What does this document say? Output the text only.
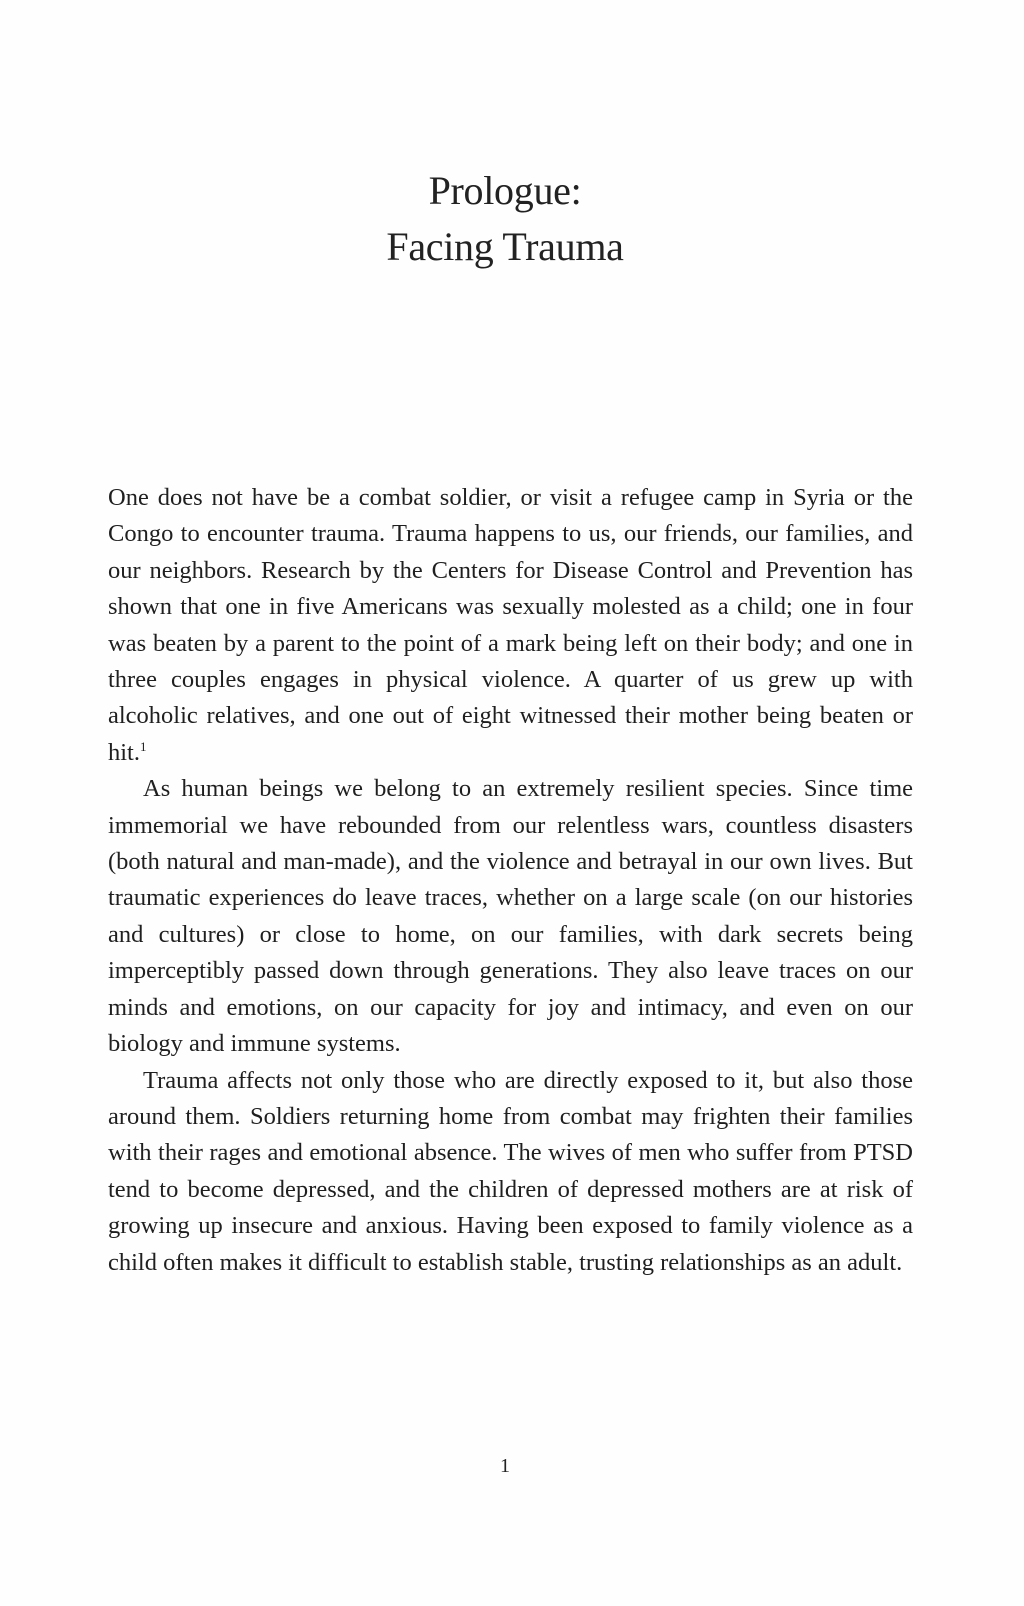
Prologue:
Facing Trauma

One does not have be a combat soldier, or visit a refugee camp in Syria or the Congo to encounter trauma. Trauma happens to us, our friends, our families, and our neighbors. Research by the Centers for Disease Control and Prevention has shown that one in five Americans was sexually molested as a child; one in four was beaten by a parent to the point of a mark being left on their body; and one in three couples engages in physical violence. A quarter of us grew up with alcoholic relatives, and one out of eight witnessed their mother being beaten or hit.$^1$

As human beings we belong to an extremely resilient species. Since time immemorial we have rebounded from our relentless wars, countless disasters (both natural and man-made), and the violence and betrayal in our own lives. But traumatic experiences do leave traces, whether on a large scale (on our histories and cultures) or close to home, on our families, with dark secrets being imperceptibly passed down through generations. They also leave traces on our minds and emotions, on our capacity for joy and intimacy, and even on our biology and immune systems.

Trauma affects not only those who are directly exposed to it, but also those around them. Soldiers returning home from combat may frighten their families with their rages and emotional absence. The wives of men who suffer from PTSD tend to become depressed, and the children of depressed mothers are at risk of growing up insecure and anxious. Having been exposed to family violence as a child often makes it difficult to establish stable, trusting relationships as an adult.

1
